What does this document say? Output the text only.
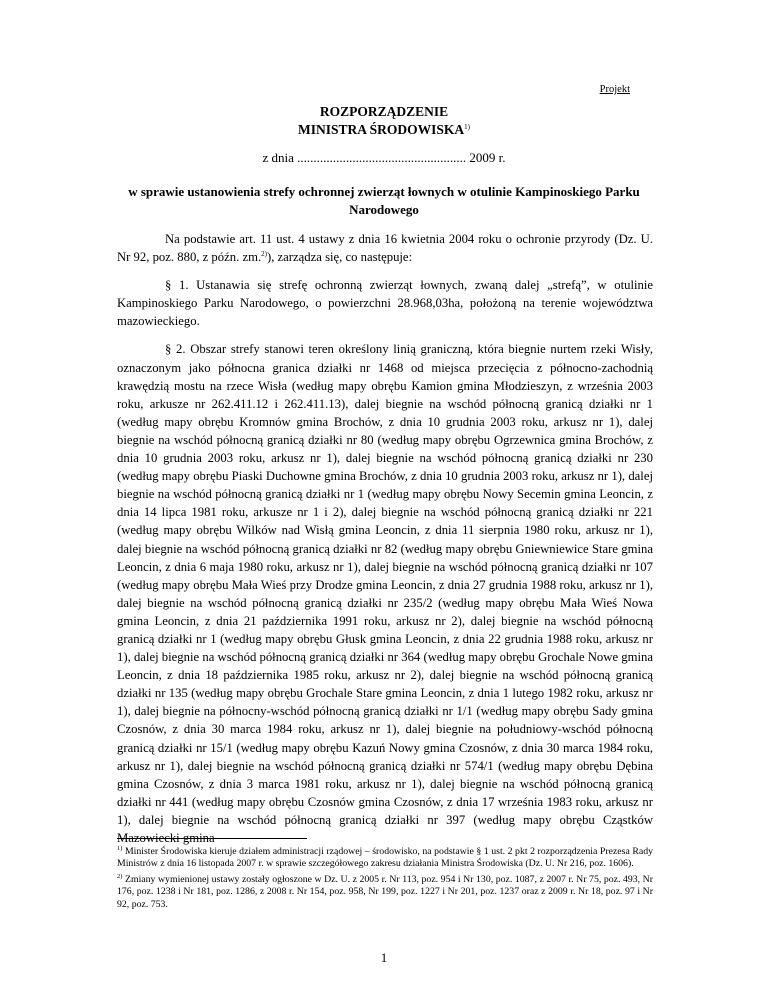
Projekt
ROZPORZĄDZENIE
MINISTRA ŚRODOWISKA$^{1)}$
z dnia .................................................... 2009 r.
w sprawie ustanowienia strefy ochronnej zwierząt łownych w otulinie Kampinoskiego Parku Narodowego

Na podstawie art. 11 ust. 4 ustawy z dnia 16 kwietnia 2004 roku o ochronie przyrody (Dz. U. Nr 92, poz. 880, z późn. zm.$^{2)}$), zarządza się, co następuje:

§ 1. Ustanawia się strefę ochronną zwierząt łownych, zwaną dalej „strefą”, w otulinie Kampinoskiego Parku Narodowego, o powierzchni 28.968,03ha, położoną na terenie województwa mazowieckiego.

§ 2. Obszar strefy stanowi teren określony linią graniczną, która biegnie nurtem rzeki Wisły, oznaczonym jako północna granica działki nr 1468 od miejsca przecięcia z północno-zachodnią krawędzią mostu na rzece Wisła (według mapy obrębu Kamion gmina Młodzieszyn, z września 2003 roku, arkusze nr 262.411.12 i 262.411.13), dalej biegnie na wschód północną granicą działki nr 1 (według mapy obrębu Kromnów gmina Brochów, z dnia 10 grudnia 2003 roku, arkusz nr 1), dalej biegnie na wschód północną granicą działki nr 80 (według mapy obrębu Ogrzewnica gmina Brochów, z dnia 10 grudnia 2003 roku, arkusz nr 1), dalej biegnie na wschód północną granicą działki nr 230 (według mapy obrębu Piaski Duchowne gmina Brochów, z dnia 10 grudnia 2003 roku, arkusz nr 1), dalej biegnie na wschód północną granicą działki nr 1 (według mapy obrębu Nowy Secemin gmina Leoncin, z dnia 14 lipca 1981 roku, arkusze nr 1 i 2), dalej biegnie na wschód północną granicą działki nr 221 (według mapy obrębu Wilków nad Wisłą gmina Leoncin, z dnia 11 sierpnia 1980 roku, arkusz nr 1), dalej biegnie na wschód północną granicą działki nr 82 (według mapy obrębu Gniewniewice Stare gmina Leoncin, z dnia 6 maja 1980 roku, arkusz nr 1), dalej biegnie na wschód północną granicą działki nr 107 (według mapy obrębu Mała Wieś przy Drodze gmina Leoncin, z dnia 27 grudnia 1988 roku, arkusz nr 1), dalej biegnie na wschód północną granicą działki nr 235/2 (według mapy obrębu Mała Wieś Nowa gmina Leoncin, z dnia 21 października 1991 roku, arkusz nr 2), dalej biegnie na wschód północną granicą działki nr 1 (według mapy obrębu Głusk gmina Leoncin, z dnia 22 grudnia 1988 roku, arkusz nr 1), dalej biegnie na wschód północną granicą działki nr 364 (według mapy obrębu Grochale Nowe gmina Leoncin, z dnia 18 października 1985 roku, arkusz nr 2), dalej biegnie na wschód północną granicą działki nr 135 (według mapy obrębu Grochale Stare gmina Leoncin, z dnia 1 lutego 1982 roku, arkusz nr 1), dalej biegnie na północny-wschód północną granicą działki nr 1/1 (według mapy obrębu Sady gmina Czosnów, z dnia 30 marca 1984 roku, arkusz nr 1), dalej biegnie na południowy-wschód północną granicą działki nr 15/1 (według mapy obrębu Kazuń Nowy gmina Czosnów, z dnia 30 marca 1984 roku, arkusz nr 1), dalej biegnie na wschód północną granicą działki nr 574/1 (według mapy obrębu Dębina gmina Czosnów, z dnia 3 marca 1981 roku, arkusz nr 1), dalej biegnie na wschód północną granicą działki nr 441 (według mapy obrębu Czosnów gmina Czosnów, z dnia 17 września 1983 roku, arkusz nr 1), dalej biegnie na wschód północną granicą działki nr 397 (według mapy obrębu Cząstków Mazowiecki gmina

$^{1)}$ Minister Środowiska kieruje działem administracji rządowej – środowisko, na podstawie § 1 ust. 2 pkt 2 rozporządzenia Prezesa Rady Ministrów z dnia 16 listopada 2007 r. w sprawie szczegółowego zakresu działania Ministra Środowiska (Dz. U. Nr 216, poz. 1606).
$^{2)}$ Zmiany wymienionej ustawy zostały ogłoszone w Dz. U. z 2005 r. Nr 113, poz. 954 i Nr 130, poz. 1087, z 2007 r. Nr 75, poz. 493, Nr 176, poz. 1238 i Nr 181, poz. 1286, z 2008 r. Nr 154, poz. 958, Nr 199, poz. 1227 i Nr 201, poz. 1237 oraz z 2009 r. Nr 18, poz. 97 i Nr 92, poz. 753.
1
